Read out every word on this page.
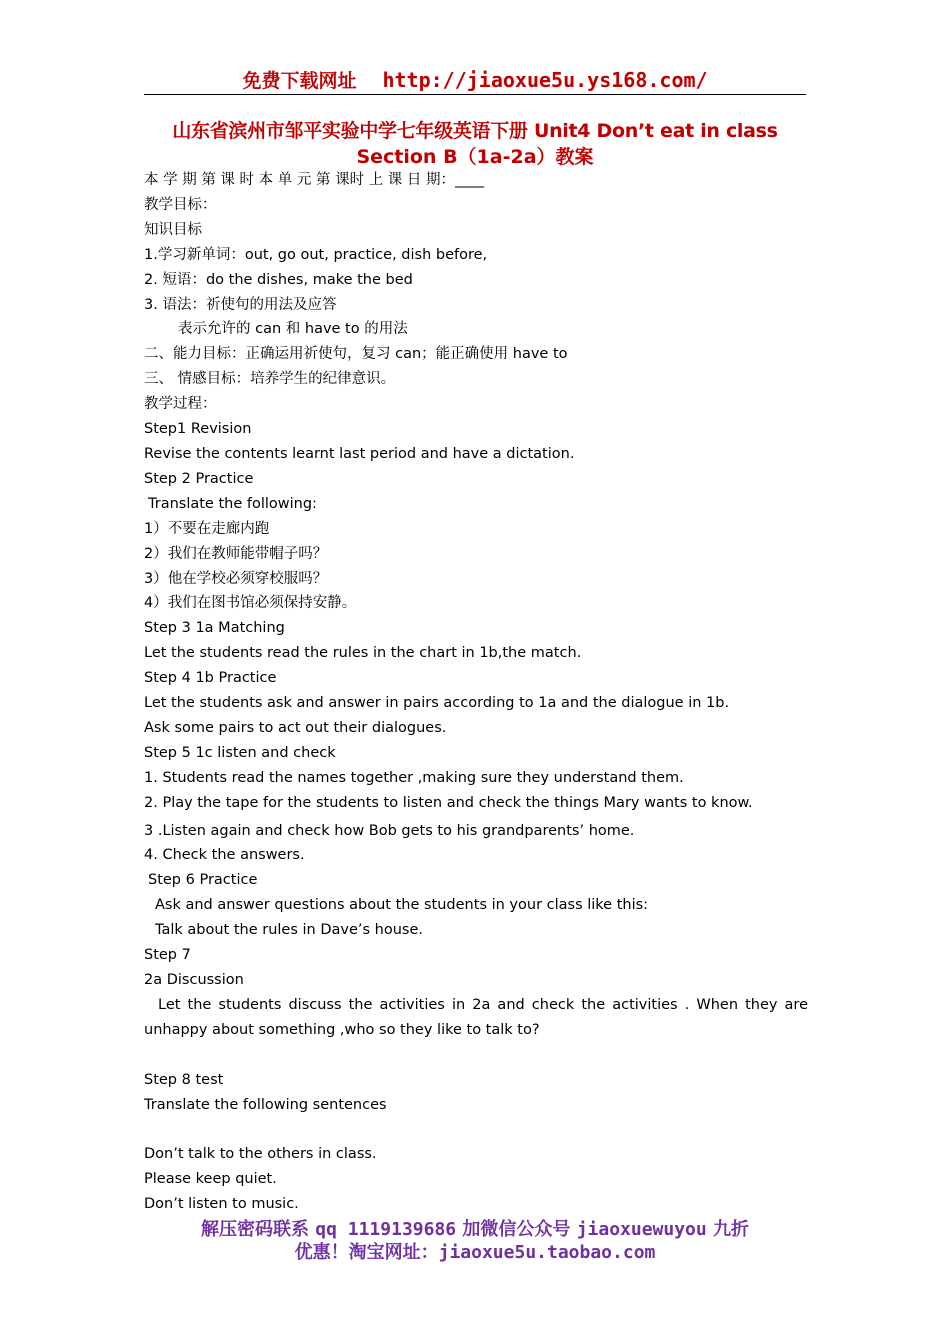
免费下载网址 http://jiaoxue5u.ys168.com/
山东省滨州市邹平实验中学七年级英语下册 Unit4 Don’t eat in class
Section B（1a-2a）教案
本 学 期 第 课 时 本 单 元 第 课时 上 课 日 期：____
教学目标：
知识目标
1.学习新单词：out, go out, practice, dish before,
2. 短语：do the dishes, make the bed
3. 语法：祈使句的用法及应答
表示允许的 can 和 have to 的用法
二、能力目标：正确运用祈使句，复习 can；能正确使用 have to
三、 情感目标：培养学生的纪律意识。
教学过程：
Step1 Revision
Revise the contents learnt last period and have a dictation.
Step 2 Practice
Translate the following:
1）不要在走廊内跑
2）我们在教师能带帽子吗？
3）他在学校必须穿校服吗？
4）我们在图书馆必须保持安静。
Step 3 1a Matching
Let the students read the rules in the chart in 1b,the match.
Step 4 1b Practice
Let the students ask and answer in pairs according to 1a and the dialogue in 1b.
Ask some pairs to act out their dialogues.
Step 5 1c listen and check
1. Students read the names together ,making sure they understand them.
2. Play the tape for the students to listen and check the things Mary wants to know.
3 .Listen again and check how Bob gets to his grandparents’ home.
4. Check the answers.
Step 6 Practice
Ask and answer questions about the students in your class like this:
Talk about the rules in Dave’s house.
Step 7
2a Discussion
Let the students discuss the activities in 2a and check the activities . When they are unhappy about something ,who so they like to talk to?
Step 8 test
Translate the following sentences
Don’t talk to the others in class.
Please keep quiet.
Don’t listen to music.
解压密码联系 qq 1119139686 加微信公众号 jiaoxuewuyou 九折
优惠！淘宝网址：jiaoxue5u.taobao.com
